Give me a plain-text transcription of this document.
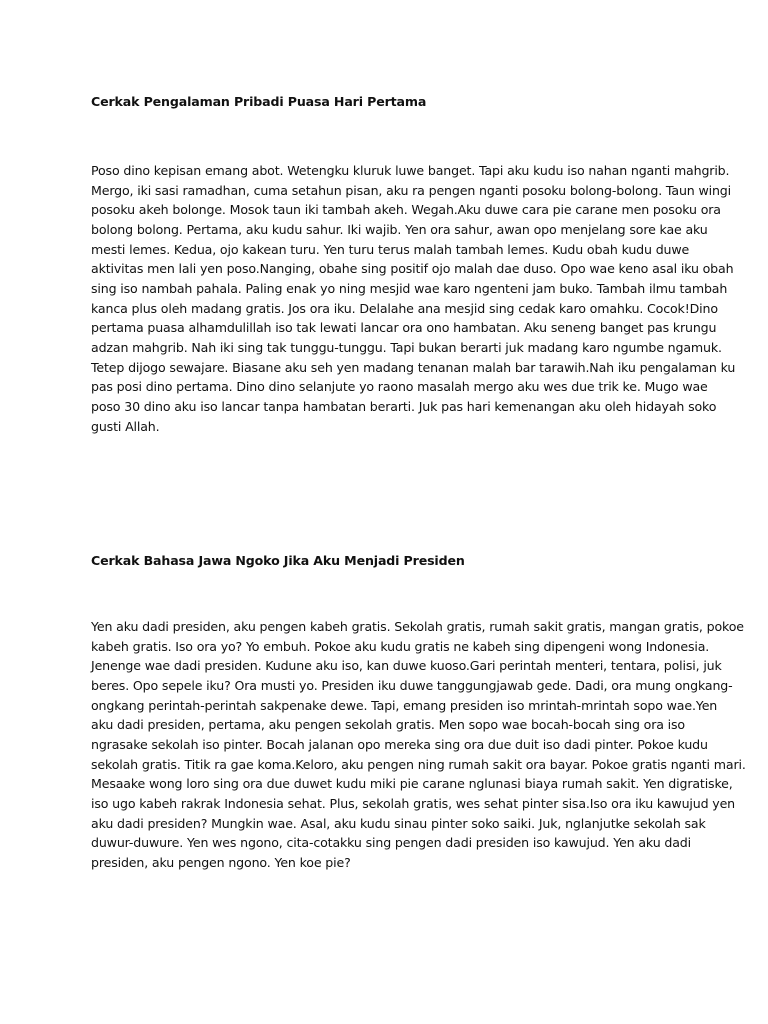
Cerkak Pengalaman Pribadi Puasa Hari Pertama

Poso dino kepisan emang abot. Wetengku kluruk luwe banget. Tapi aku kudu iso nahan nganti mahgrib.
Mergo, iki sasi ramadhan, cuma setahun pisan, aku ra pengen nganti posoku bolong-bolong. Taun wingi
posoku akeh bolonge. Mosok taun iki tambah akeh. Wegah.Aku duwe cara pie carane men posoku ora
bolong bolong. Pertama, aku kudu sahur. Iki wajib. Yen ora sahur, awan opo menjelang sore kae aku
mesti lemes. Kedua, ojo kakean turu. Yen turu terus malah tambah lemes. Kudu obah kudu duwe
aktivitas men lali yen poso.Nanging, obahe sing positif ojo malah dae duso. Opo wae keno asal iku obah
sing iso nambah pahala. Paling enak yo ning mesjid wae karo ngenteni jam buko. Tambah ilmu tambah
kanca plus oleh madang gratis. Jos ora iku. Delalahe ana mesjid sing cedak karo omahku. Cocok!Dino
pertama puasa alhamdulillah iso tak lewati lancar ora ono hambatan. Aku seneng banget pas krungu
adzan mahgrib. Nah iki sing tak tunggu-tunggu. Tapi bukan berarti juk madang karo ngumbe ngamuk.
Tetep dijogo sewajare. Biasane aku seh yen madang tenanan malah bar tarawih.Nah iku pengalaman ku
pas posi dino pertama. Dino dino selanjute yo raono masalah mergo aku wes due trik ke. Mugo wae
poso 30 dino aku iso lancar tanpa hambatan berarti. Juk pas hari kemenangan aku oleh hidayah soko
gusti Allah.

Cerkak Bahasa Jawa Ngoko Jika Aku Menjadi Presiden

Yen aku dadi presiden, aku pengen kabeh gratis. Sekolah gratis, rumah sakit gratis, mangan gratis, pokoe
kabeh gratis. Iso ora yo? Yo embuh. Pokoe aku kudu gratis ne kabeh sing dipengeni wong Indonesia.
Jenenge wae dadi presiden. Kudune aku iso, kan duwe kuoso.Gari perintah menteri, tentara, polisi, juk
beres. Opo sepele iku? Ora musti yo. Presiden iku duwe tanggungjawab gede. Dadi, ora mung ongkang-
ongkang perintah-perintah sakpenake dewe. Tapi, emang presiden iso mrintah-mrintah sopo wae.Yen
aku dadi presiden, pertama, aku pengen sekolah gratis. Men sopo wae bocah-bocah sing ora iso
ngrasake sekolah iso pinter. Bocah jalanan opo mereka sing ora due duit iso dadi pinter. Pokoe kudu
sekolah gratis. Titik ra gae koma.Keloro, aku pengen ning rumah sakit ora bayar. Pokoe gratis nganti mari.
Mesaake wong loro sing ora due duwet kudu miki pie carane nglunasi biaya rumah sakit. Yen digratiske,
iso ugo kabeh rakrak Indonesia sehat. Plus, sekolah gratis, wes sehat pinter sisa.Iso ora iku kawujud yen
aku dadi presiden? Mungkin wae. Asal, aku kudu sinau pinter soko saiki. Juk, nglanjutke sekolah sak
duwur-duwure. Yen wes ngono, cita-cotakku sing pengen dadi presiden iso kawujud. Yen aku dadi
presiden, aku pengen ngono. Yen koe pie?
